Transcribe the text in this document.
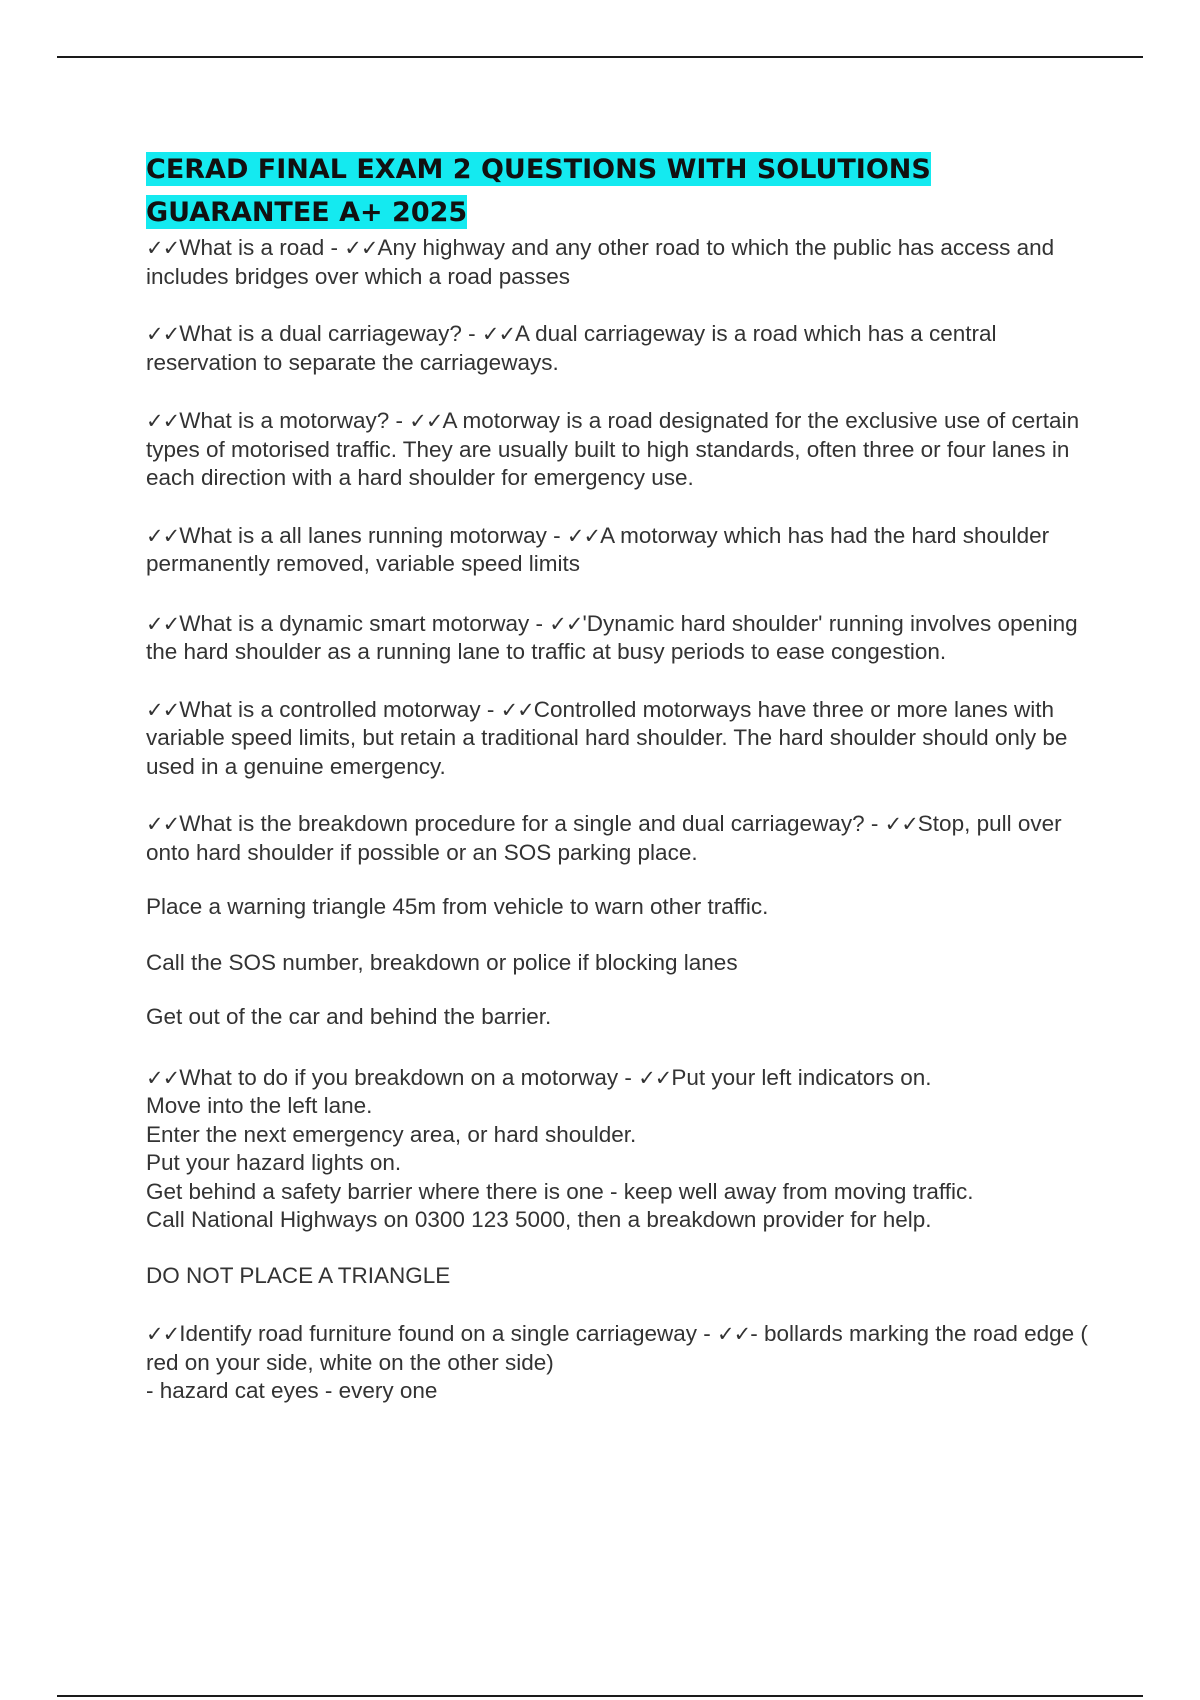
CERAD FINAL EXAM 2 QUESTIONS WITH SOLUTIONS
GUARANTEE A+ 2025

✓✓What is a road - ✓✓Any highway and any other road to which the public has access and includes bridges over which a road passes

✓✓What is a dual carriageway? - ✓✓A dual carriageway is a road which has a central reservation to separate the carriageways.

✓✓What is a motorway? - ✓✓A motorway is a road designated for the exclusive use of certain types of motorised traffic. They are usually built to high standards, often three or four lanes in each direction with a hard shoulder for emergency use.

✓✓What is a all lanes running motorway - ✓✓A motorway which has had the hard shoulder permanently removed, variable speed limits

✓✓What is a dynamic smart motorway - ✓✓'Dynamic hard shoulder' running involves opening the hard shoulder as a running lane to traffic at busy periods to ease congestion.

✓✓What is a controlled motorway - ✓✓Controlled motorways have three or more lanes with variable speed limits, but retain a traditional hard shoulder. The hard shoulder should only be used in a genuine emergency.

✓✓What is the breakdown procedure for a single and dual carriageway? - ✓✓Stop, pull over onto hard shoulder if possible or an SOS parking place.

Place a warning triangle 45m from vehicle to warn other traffic.

Call the SOS number, breakdown or police if blocking lanes

Get out of the car and behind the barrier.

✓✓What to do if you breakdown on a motorway - ✓✓Put your left indicators on.
Move into the left lane.
Enter the next emergency area, or hard shoulder.
Put your hazard lights on.
Get behind a safety barrier where there is one - keep well away from moving traffic.
Call National Highways on 0300 123 5000, then a breakdown provider for help.

DO NOT PLACE A TRIANGLE

✓✓Identify road furniture found on a single carriageway - ✓✓- bollards marking the road edge ( red on your side, white on the other side)
- hazard cat eyes - every one
